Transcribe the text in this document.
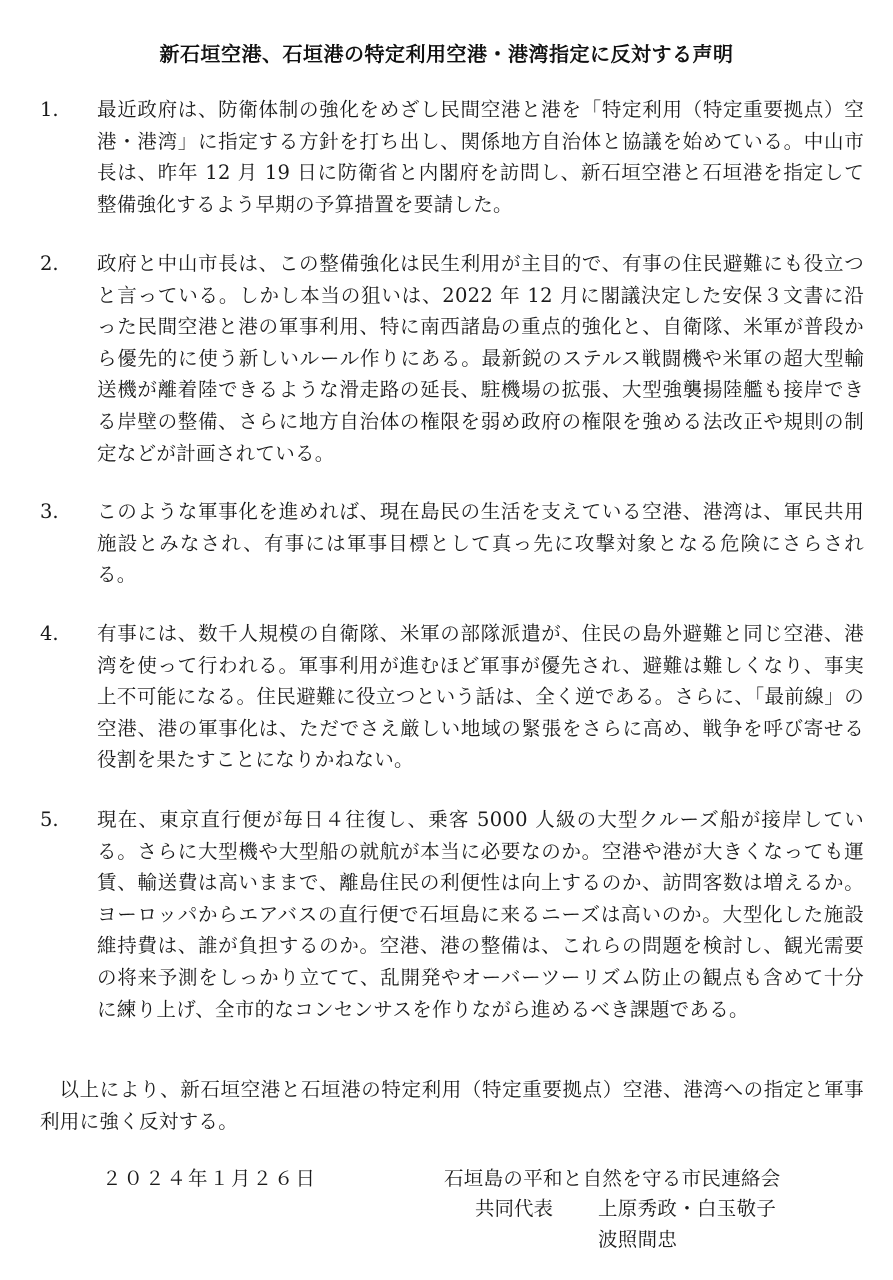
新石垣空港、石垣港の特定利用空港・港湾指定に反対する声明
1.	最近政府は、防衛体制の強化をめざし民間空港と港を「特定利用（特定重要拠点）空港・港湾」に指定する方針を打ち出し、関係地方自治体と協議を始めている。中山市長は、昨年 12 月 19 日に防衛省と内閣府を訪問し、新石垣空港と石垣港を指定して整備強化するよう早期の予算措置を要請した。
2.	政府と中山市長は、この整備強化は民生利用が主目的で、有事の住民避難にも役立つと言っている。しかし本当の狙いは、2022 年 12 月に閣議決定した安保３文書に沿った民間空港と港の軍事利用、特に南西諸島の重点的強化と、自衛隊、米軍が普段から優先的に使う新しいルール作りにある。最新鋭のステルス戦闘機や米軍の超大型輸送機が離着陸できるような滑走路の延長、駐機場の拡張、大型強襲揚陸艦も接岸できる岸壁の整備、さらに地方自治体の権限を弱め政府の権限を強める法改正や規則の制定などが計画されている。
3.	このような軍事化を進めれば、現在島民の生活を支えている空港、港湾は、軍民共用施設とみなされ、有事には軍事目標として真っ先に攻撃対象となる危険にさらされる。
4.	有事には、数千人規模の自衛隊、米軍の部隊派遣が、住民の島外避難と同じ空港、港湾を使って行われる。軍事利用が進むほど軍事が優先され、避難は難しくなり、事実上不可能になる。住民避難に役立つという話は、全く逆である。さらに、「最前線」の空港、港の軍事化は、ただでさえ厳しい地域の緊張をさらに高め、戦争を呼び寄せる役割を果たすことになりかねない。
5.	現在、東京直行便が毎日４往復し、乗客 5000 人級の大型クルーズ船が接岸している。さらに大型機や大型船の就航が本当に必要なのか。空港や港が大きくなっても運賃、輸送費は高いままで、離島住民の利便性は向上するのか、訪問客数は増えるか。ヨーロッパからエアバスの直行便で石垣島に来るニーズは高いのか。大型化した施設維持費は、誰が負担するのか。空港、港の整備は、これらの問題を検討し、観光需要の将来予測をしっかり立てて、乱開発やオーバーツーリズム防止の観点も含めて十分に練り上げ、全市的なコンセンサスを作りながら進めるべき課題である。
以上により、新石垣空港と石垣港の特定利用（特定重要拠点）空港、港湾への指定と軍事利用に強く反対する。
２０２４年１月２６日	石垣島の平和と自然を守る市民連絡会
共同代表 上原秀政・白玉敬子
波照間忠
